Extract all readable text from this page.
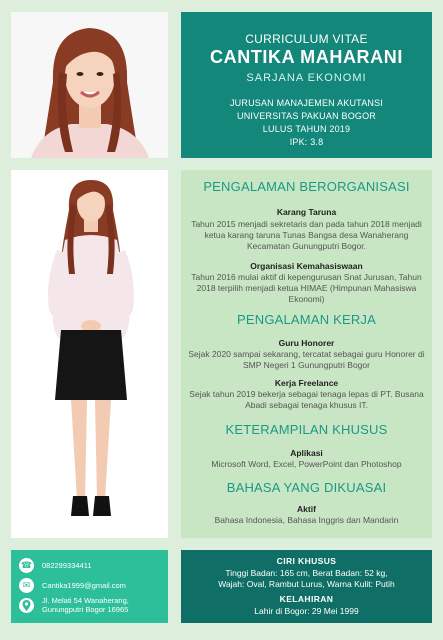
CURRICULUM VITAE
CANTIKA MAHARANI
SARJANA EKONOMI
JURUSAN MANAJEMEN AKUTANSI
UNIVERSITAS PAKUAN BOGOR
LULUS TAHUN 2019
IPK: 3.8
PENGALAMAN BERORGANISASI
Karang Taruna
Tahun 2015 menjadi sekretaris dan pada tahun 2018 menjadi ketua karang taruna Tunas Bangsa desa Wanaherang Kecamatan Gunungputri Bogor.
Organisasi Kemahasiswaan
Tahun 2016 mulai aktif di kepengurusan Snat Jurusan, Tahun 2018 terpilih menjadi ketua HIMAE (Himpunan Mahasiswa Ekonomi)
PENGALAMAN KERJA
Guru Honorer
Sejak 2020 sampai sekarang, tercatat sebagai guru Honorer di SMP Negeri 1 Gunungputri Bogor
Kerja Freelance
Sejak tahun 2019 bekerja sebagai tenaga lepas di PT. Busana Abadi sebagai tenaga khusus IT.
KETERAMPILAN KHUSUS
Aplikasi
Microsoft Word, Excel, PowerPoint dan Photoshop
BAHASA YANG DIKUASAI
Aktif
Bahasa Indonesia, Bahasa Inggris dan Mandarin
☎ 082299334411
✉	Cantika1999@gmail.com
Jl. Melati 54 Wanaherang,
Gunungputri Bogor 16965
CIRI KHUSUS
Tinggi Badan: 165 cm, Berat Badan: 52 kg,
Wajah: Oval, Rambut Lurus, Warna Kulit: Putih
KELAHIRAN
Lahir di Bogor: 29 Mei 1999
